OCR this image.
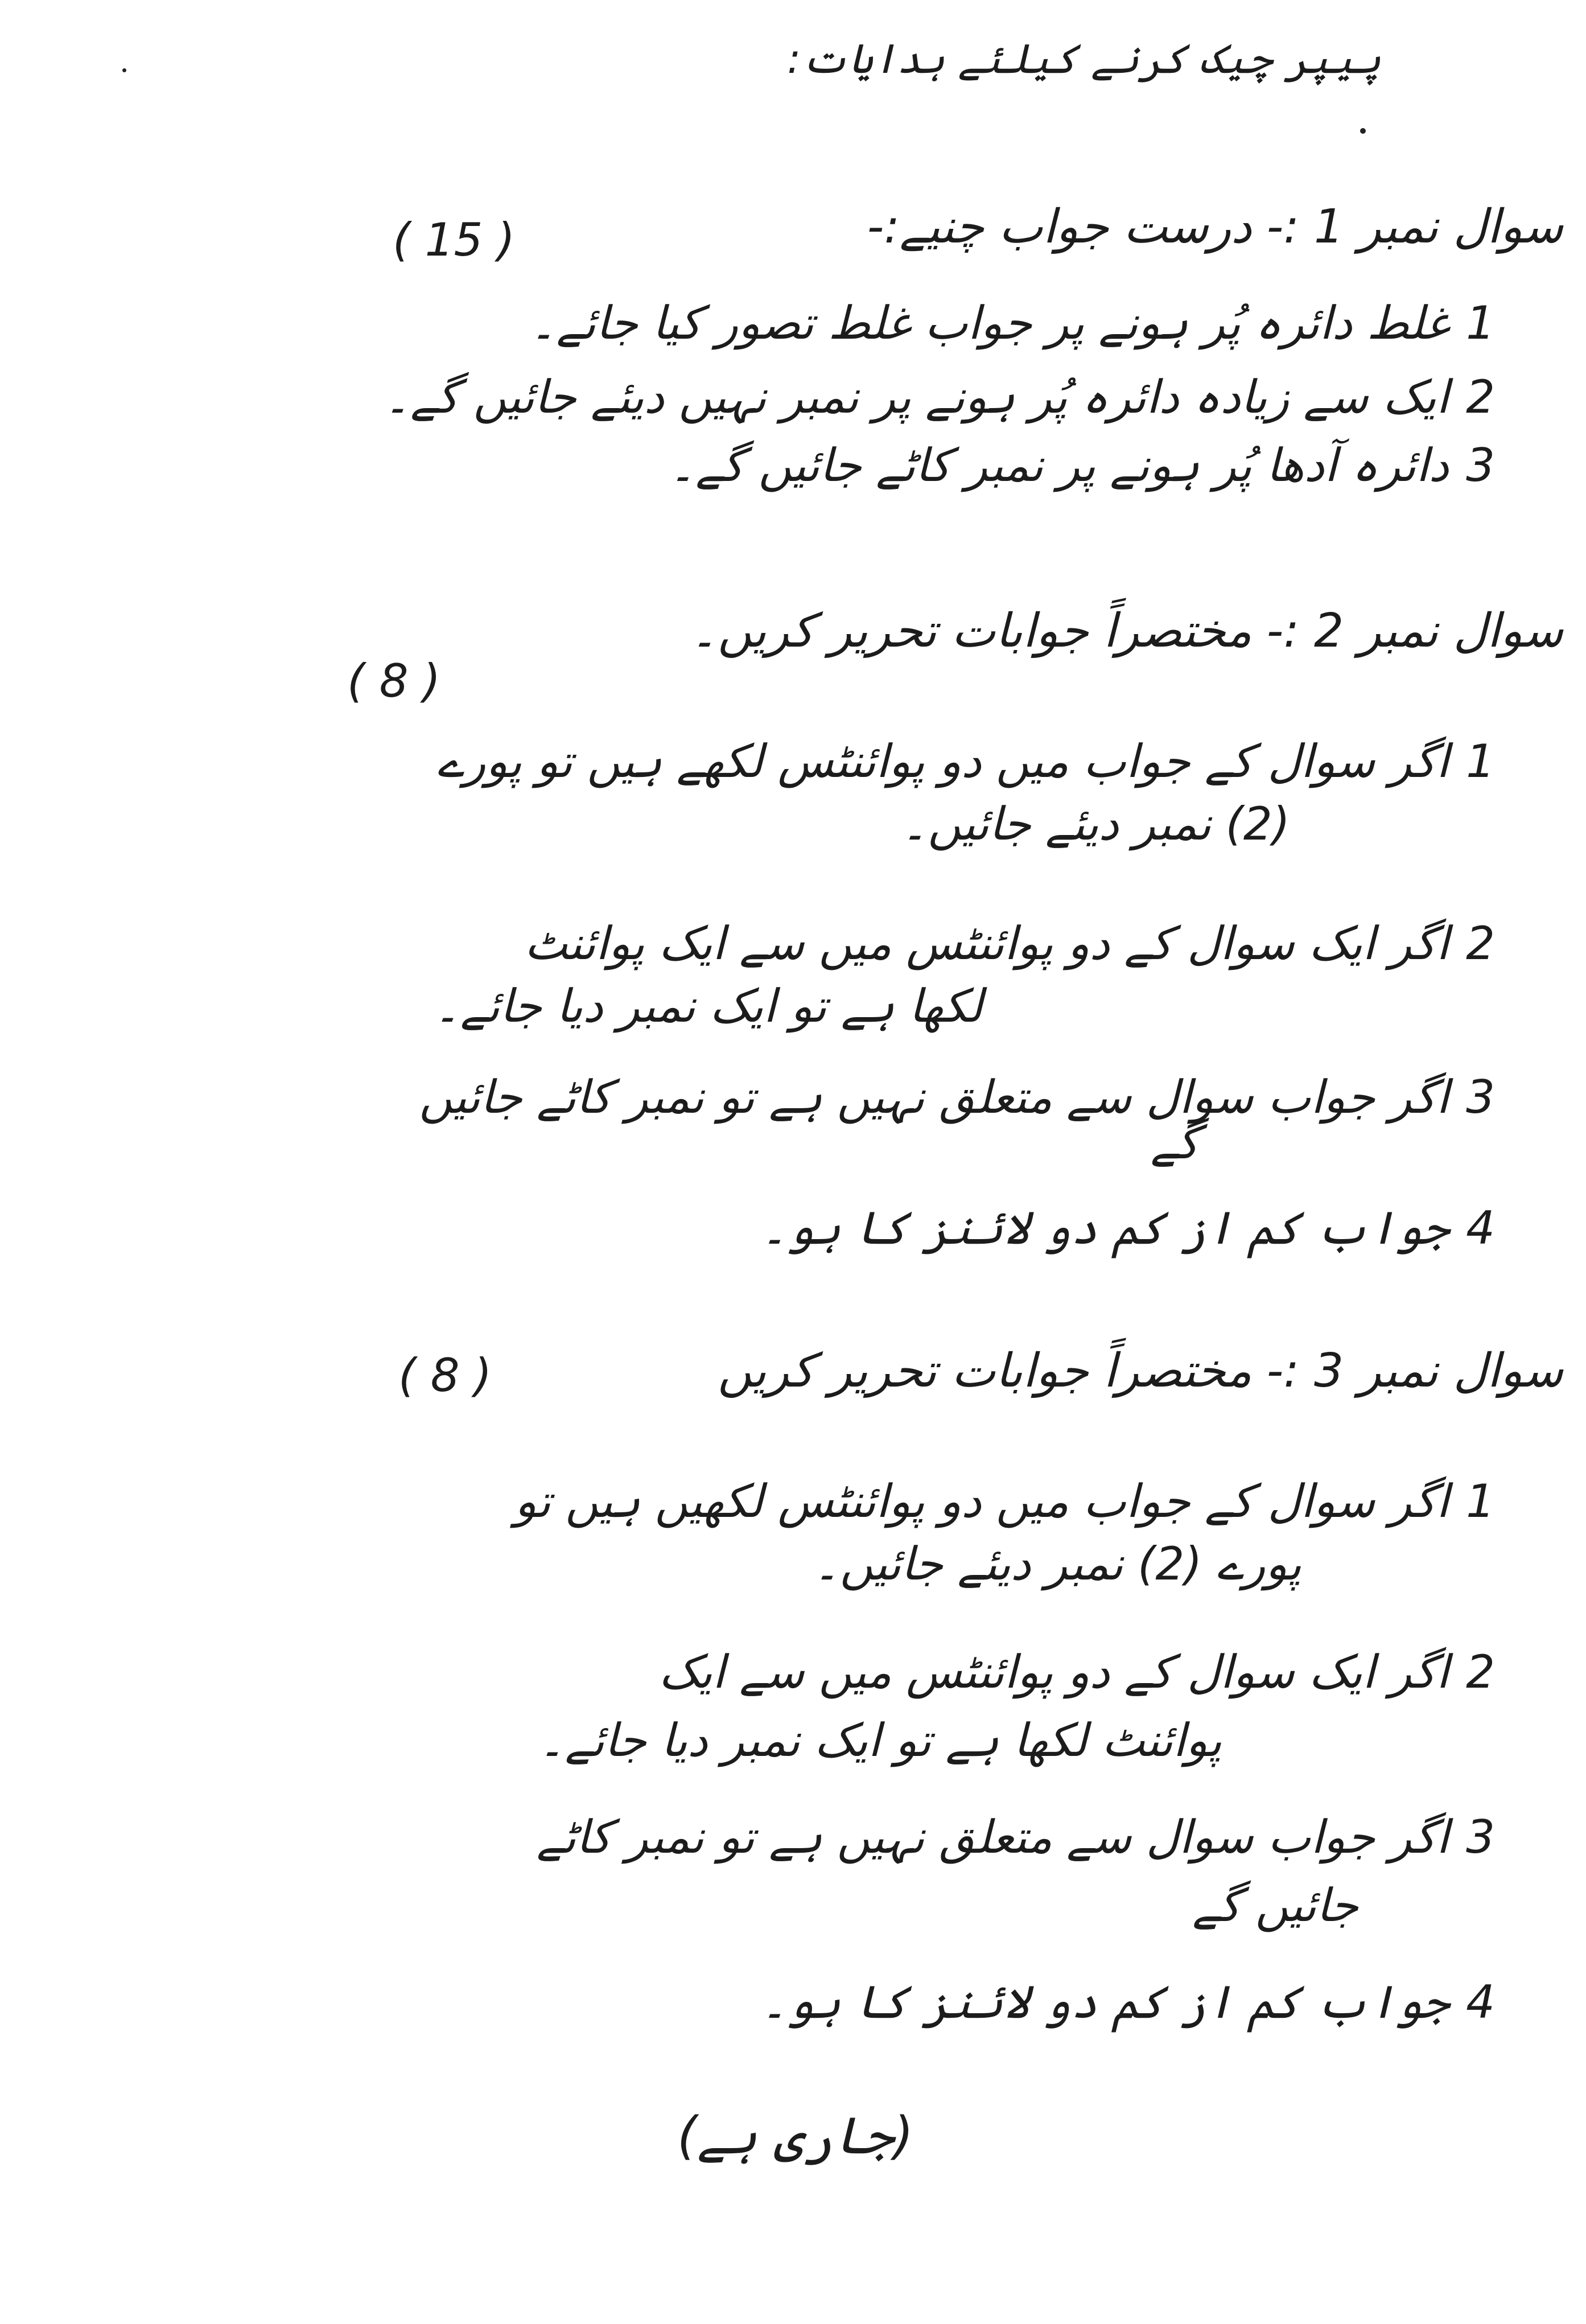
پیپر چیک کرنے کیلئے ہدایات:
سوال نمبر 1 :- درست جواب چنیے:-
( 15 )
1غلط دائرہ پُر ہونے پر جواب غلط تصور کیا جائے۔
2ایک سے زیادہ دائرہ پُر ہونے پر نمبر نہیں دیئے جائیں گے۔
3دائرہ آدھا پُر ہونے پر نمبر کاٹے جائیں گے۔
سوال نمبر 2 :- مختصراً جوابات تحریر کریں۔
( 8 )
1اگر سوال کے جواب میں دو پوائنٹس لکھے ہیں تو پورے
(2) نمبر دیئے جائیں۔
2اگر ایک سوال کے دو پوائنٹس میں سے ایک پوائنٹ
لکھا ہے تو ایک نمبر دیا جائے۔
3اگر جواب سوال سے متعلق نہیں ہے تو نمبر کاٹے جائیں
گے
4جواب کم از کم دو لائنز کا ہو۔
سوال نمبر 3 :- مختصراً جوابات تحریر کریں
( 8 )
1اگر سوال کے جواب میں دو پوائنٹس لکھیں ہیں تو
پورے (2) نمبر دیئے جائیں۔
2اگر ایک سوال کے دو پوائنٹس میں سے ایک
پوائنٹ لکھا ہے تو ایک نمبر دیا جائے۔
3اگر جواب سوال سے متعلق نہیں ہے تو نمبر کاٹے
جائیں گے
4جواب کم از کم دو لائنز کا ہو۔
(جاری ہے)
